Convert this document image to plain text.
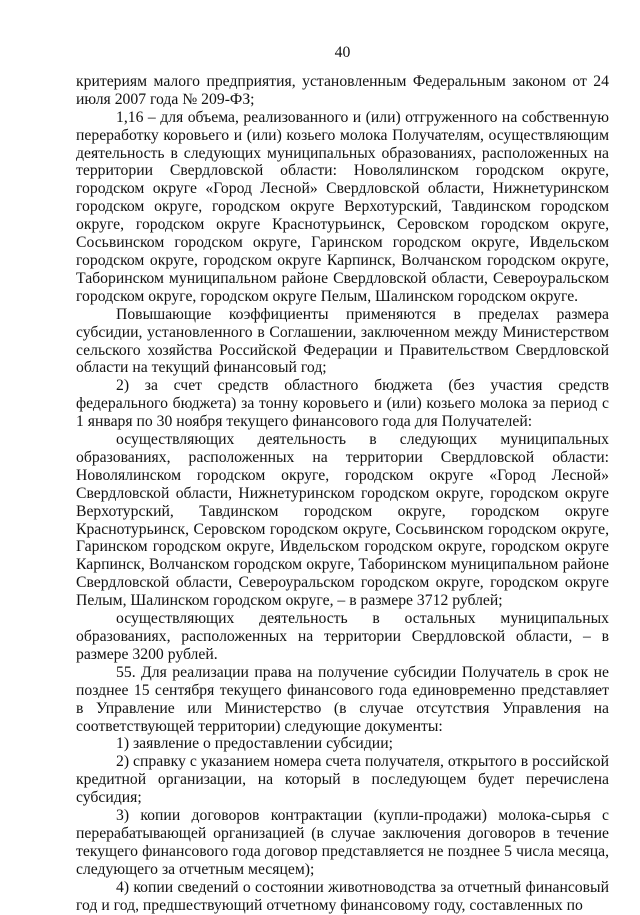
40

критериям малого предприятия, установленным Федеральным законом от 24 июля 2007 года № 209-ФЗ;

1,16 – для объема, реализованного и (или) отгруженного на собственную переработку коровьего и (или) козьего молока Получателям, осуществляющим деятельность в следующих муниципальных образованиях, расположенных на территории Свердловской области: Новолялинском городском округе, городском округе «Город Лесной» Свердловской области, Нижнетуринском городском округе, городском округе Верхотурский, Тавдинском городском округе, городском округе Краснотурьинск, Серовском городском округе, Сосьвинском городском округе, Гаринском городском округе, Ивдельском городском округе, городском округе Карпинск, Волчанском городском округе, Таборинском муниципальном районе Свердловской области, Североуральском городском округе, городском округе Пелым, Шалинском городском округе.

Повышающие коэффициенты применяются в пределах размера субсидии, установленного в Соглашении, заключенном между Министерством сельского хозяйства Российской Федерации и Правительством Свердловской области на текущий финансовый год;

2) за счет средств областного бюджета (без участия средств федерального бюджета) за тонну коровьего и (или) козьего молока за период с 1 января по 30 ноября текущего финансового года для Получателей:

осуществляющих деятельность в следующих муниципальных образованиях, расположенных на территории Свердловской области: Новолялинском городском округе, городском округе «Город Лесной» Свердловской области, Нижнетуринском городском округе, городском округе Верхотурский, Тавдинском городском округе, городском округе Краснотурьинск, Серовском городском округе, Сосьвинском городском округе, Гаринском городском округе, Ивдельском городском округе, городском округе Карпинск, Волчанском городском округе, Таборинском муниципальном районе Свердловской области, Североуральском городском округе, городском округе Пелым, Шалинском городском округе, – в размере 3712 рублей;

осуществляющих деятельность в остальных муниципальных образованиях, расположенных на территории Свердловской области, – в размере 3200 рублей.

55. Для реализации права на получение субсидии Получатель в срок не позднее 15 сентября текущего финансового года единовременно представляет в Управление или Министерство (в случае отсутствия Управления на соответствующей территории) следующие документы:

1) заявление о предоставлении субсидии;

2) справку с указанием номера счета получателя, открытого в российской кредитной организации, на который в последующем будет перечислена субсидия;

3) копии договоров контрактации (купли-продажи) молока-сырья с перерабатывающей организацией (в случае заключения договоров в течение текущего финансового года договор представляется не позднее 5 числа месяца, следующего за отчетным месяцем);

4) копии сведений о состоянии животноводства за отчетный финансовый год и год, предшествующий отчетному финансовому году, составленных по
